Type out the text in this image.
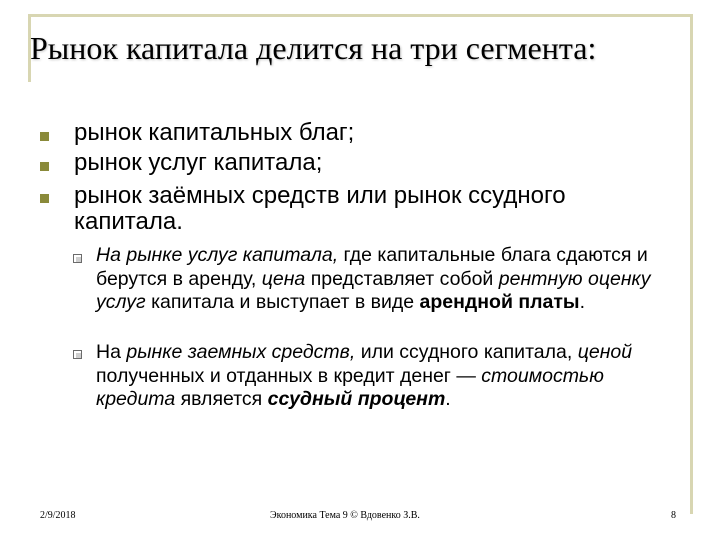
Рынок капитала делится на три сегмента:
рынок капитальных благ;
рынок услуг капитала;
рынок заёмных средств или рынок ссудного капитала.
На рынке услуг капитала, где капитальные блага сдаются и берутся в аренду, цена представляет собой рентную оценку услуг капитала и выступает в виде арендной платы.
На рынке заемных средств, или ссудного капитала, ценой полученных и отданных в кредит денег — стоимостью кредита является ссудный процент.
2/9/2018	Экономика Тема 9 © Вдовенко З.В.	8
